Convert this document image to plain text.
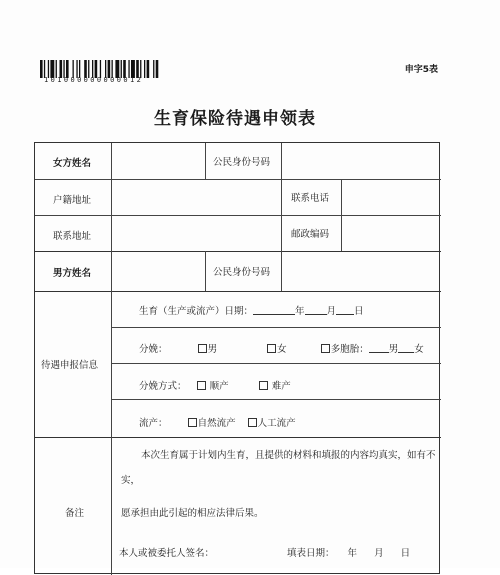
101000000000012
申字5表
生育保险待遇申领表
女方姓名	公民身份号码
户籍地址	联系电话
联系地址	邮政编码
男方姓名	公民身份号码
待遇申报信息
生育（生产或流产）日期：	年 月 日
分娩：	男	女	多胞胎： 男 女
分娩方式： 顺产	难产
流产：	自然流产 人工流产
备注
本次生育属于计划内生育，且提供的材料和填报的内容均真实，如有不实，
愿承担由此引起的相应法律后果。
本人或被委托人签名：	填表日期： 年 月 日
